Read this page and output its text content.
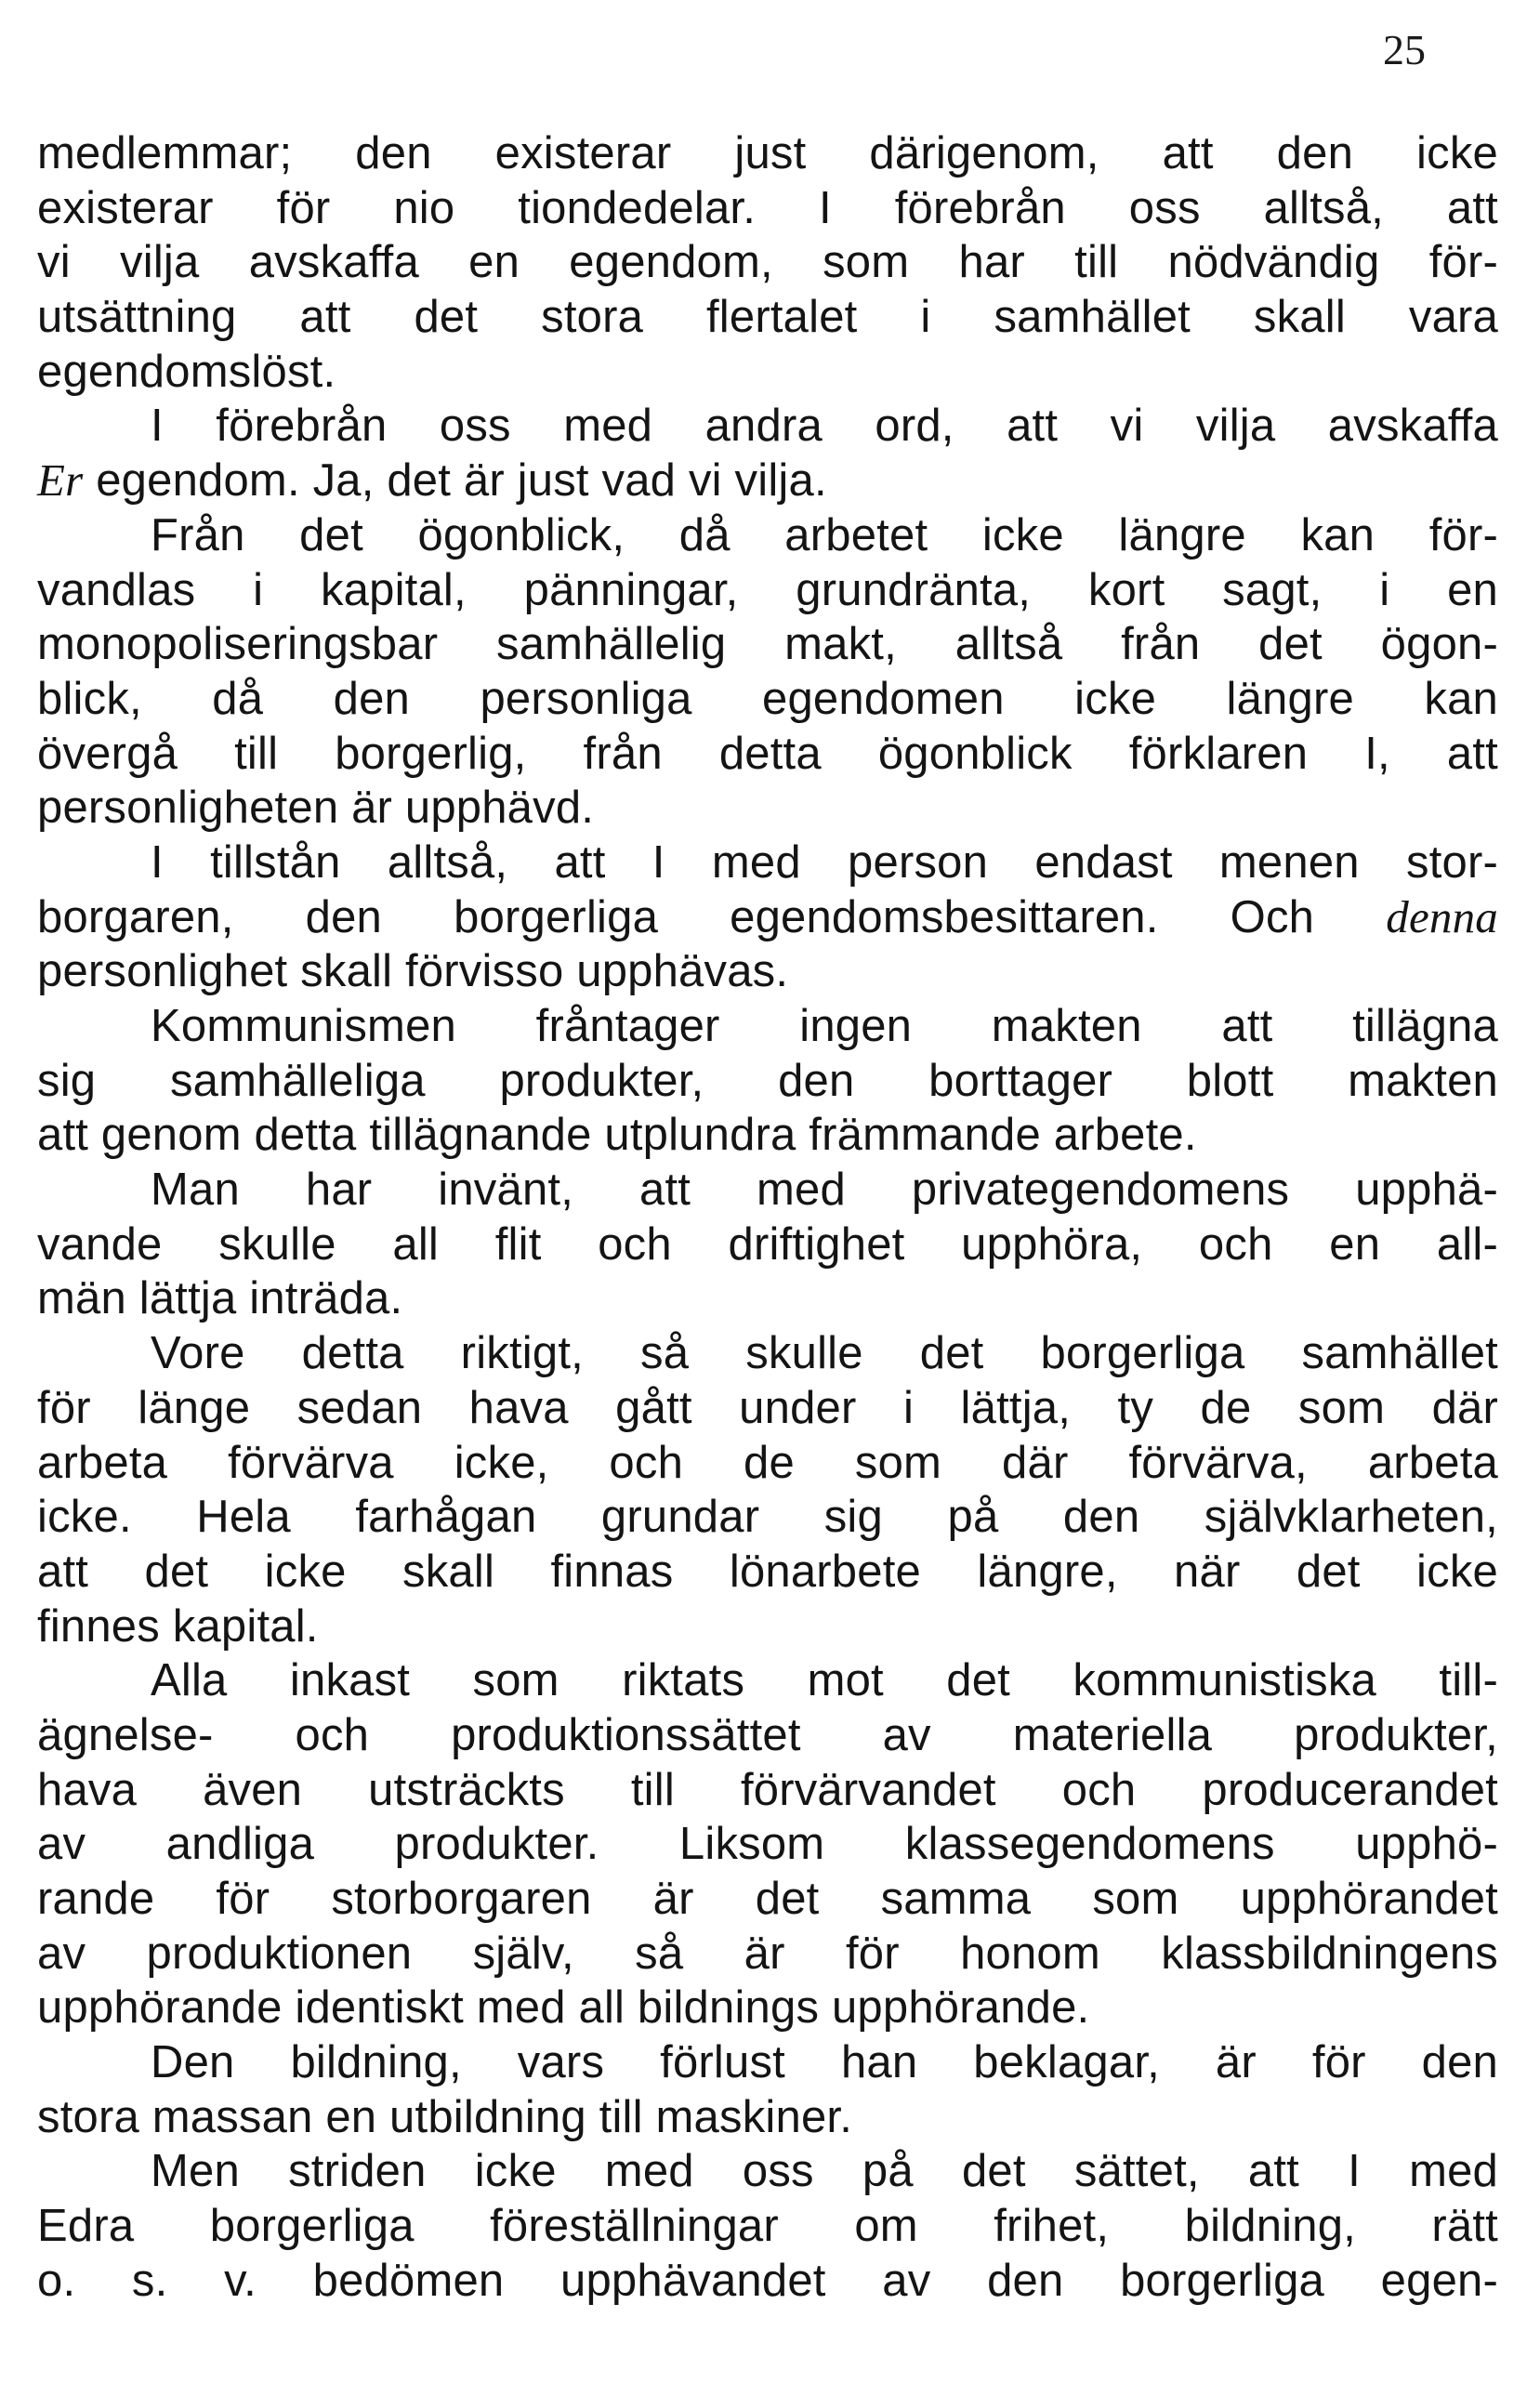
25
medlemmar; den existerar just därigenom, att den icke
existerar för nio tiondedelar. I förebrån oss alltså, att
vi vilja avskaffa en egendom, som har till nödvändig för-
utsättning att det stora flertalet i samhället skall vara
egendomslöst.
I förebrån oss med andra ord, att vi vilja avskaffa
Er egendom. Ja, det är just vad vi vilja.
Från det ögonblick, då arbetet icke längre kan för-
vandlas i kapital, pänningar, grundränta, kort sagt, i en
monopoliseringsbar samhällelig makt, alltså från det ögon-
blick, då den personliga egendomen icke längre kan
övergå till borgerlig, från detta ögonblick förklaren I, att
personligheten är upphävd.
I tillstån alltså, att I med person endast menen stor-
borgaren, den borgerliga egendomsbesittaren. Och denna
personlighet skall förvisso upphävas.
Kommunismen fråntager ingen makten att tillägna
sig samhälleliga produkter, den borttager blott makten
att genom detta tillägnande utplundra främmande arbete.
Man har invänt, att med privategendomens upphä-
vande skulle all flit och driftighet upphöra, och en all-
män lättja inträda.
Vore detta riktigt, så skulle det borgerliga samhället
för länge sedan hava gått under i lättja, ty de som där
arbeta förvärva icke, och de som där förvärva, arbeta
icke. Hela farhågan grundar sig på den självklarheten,
att det icke skall finnas lönarbete längre, när det icke
finnes kapital.
Alla inkast som riktats mot det kommunistiska till-
ägnelse- och produktionssättet av materiella produkter,
hava även utsträckts till förvärvandet och producerandet
av andliga produkter. Liksom klassegendomens upphö-
rande för storborgaren är det samma som upphörandet
av produktionen själv, så är för honom klassbildningens
upphörande identiskt med all bildnings upphörande.
Den bildning, vars förlust han beklagar, är för den
stora massan en utbildning till maskiner.
Men striden icke med oss på det sättet, att I med
Edra borgerliga föreställningar om frihet, bildning, rätt
o. s. v. bedömen upphävandet av den borgerliga egen-
